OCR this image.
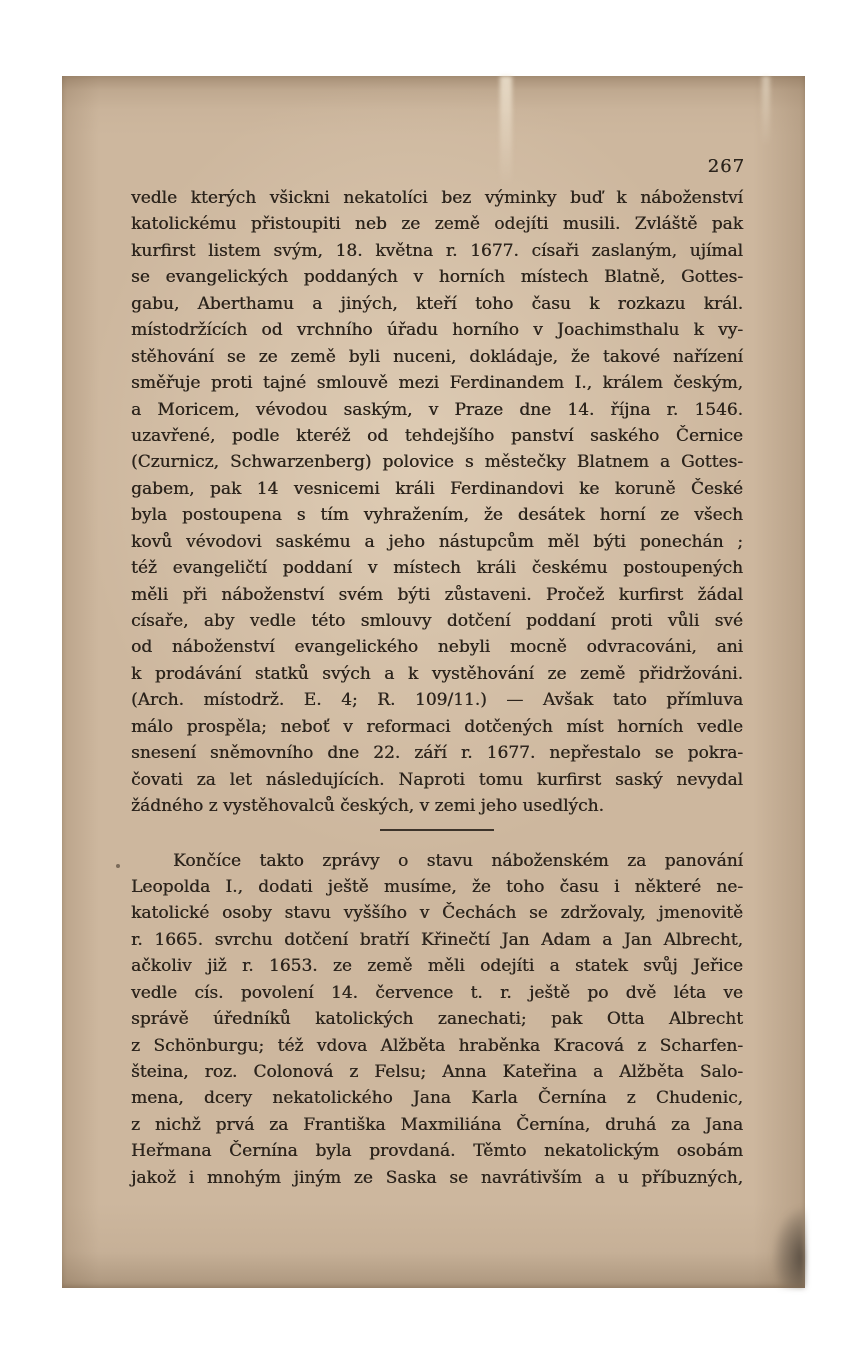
267
vedle kterých všickni nekatolíci bez výminky buď k náboženství
katolickému přistoupiti neb ze země odejíti musili. Zvláště pak
kurfirst listem svým, 18. května r. 1677. císaři zaslaným, ujímal
se evangelických poddaných v horních místech Blatně, Gottes-
gabu, Aberthamu a jiných, kteří toho času k rozkazu král.
místodržících od vrchního úřadu horního v Joachimsthalu k vy-
stěhování se ze země byli nuceni, dokládaje, že takové nařízení
směřuje proti tajné smlouvě mezi Ferdinandem I., králem českým,
a Moricem, vévodou saským, v Praze dne 14. října r. 1546.
uzavřené, podle kteréž od tehdejšího panství saského Černice
(Czurnicz, Schwarzenberg) polovice s městečky Blatnem a Gottes-
gabem, pak 14 vesnicemi králi Ferdinandovi ke koruně České
byla postoupena s tím vyhražením, že desátek horní ze všech
kovů vévodovi saskému a jeho nástupcům měl býti ponechán ;
též evangeličtí poddaní v místech králi českému postoupených
měli při náboženství svém býti zůstaveni. Pročež kurfirst žádal
císaře, aby vedle této smlouvy dotčení poddaní proti vůli své
od náboženství evangelického nebyli mocně odvracováni, ani
k prodávání statků svých a k vystěhování ze země přidržováni.
(Arch. místodrž. E. 4; R. 109/11.) — Avšak tato přímluva
málo prospěla; neboť v reformaci dotčených míst horních vedle
snesení sněmovního dne 22. září r. 1677. nepřestalo se pokra-
čovati za let následujících. Naproti tomu kurfirst saský nevydal
žádného z vystěhovalců českých, v zemi jeho usedlých.
Končíce takto zprávy o stavu náboženském za panování
Leopolda I., dodati ještě musíme, že toho času i některé ne-
katolické osoby stavu vyššího v Čechách se zdržovaly, jmenovitě
r. 1665. svrchu dotčení bratří Křinečtí Jan Adam a Jan Albrecht,
ačkoliv již r. 1653. ze země měli odejíti a statek svůj Jeřice
vedle cís. povolení 14. července t. r. ještě po dvě léta ve
správě úředníků katolických zanechati; pak Otta Albrecht
z Schönburgu; též vdova Alžběta hraběnka Kracová z Scharfen-
šteina, roz. Colonová z Felsu; Anna Kateřina a Alžběta Salo-
mena, dcery nekatolického Jana Karla Černína z Chudenic,
z nichž prvá za Františka Maxmiliána Černína, druhá za Jana
Heřmana Černína byla provdaná. Těmto nekatolickým osobám
jakož i mnohým jiným ze Saska se navrátivším a u příbuzných,
